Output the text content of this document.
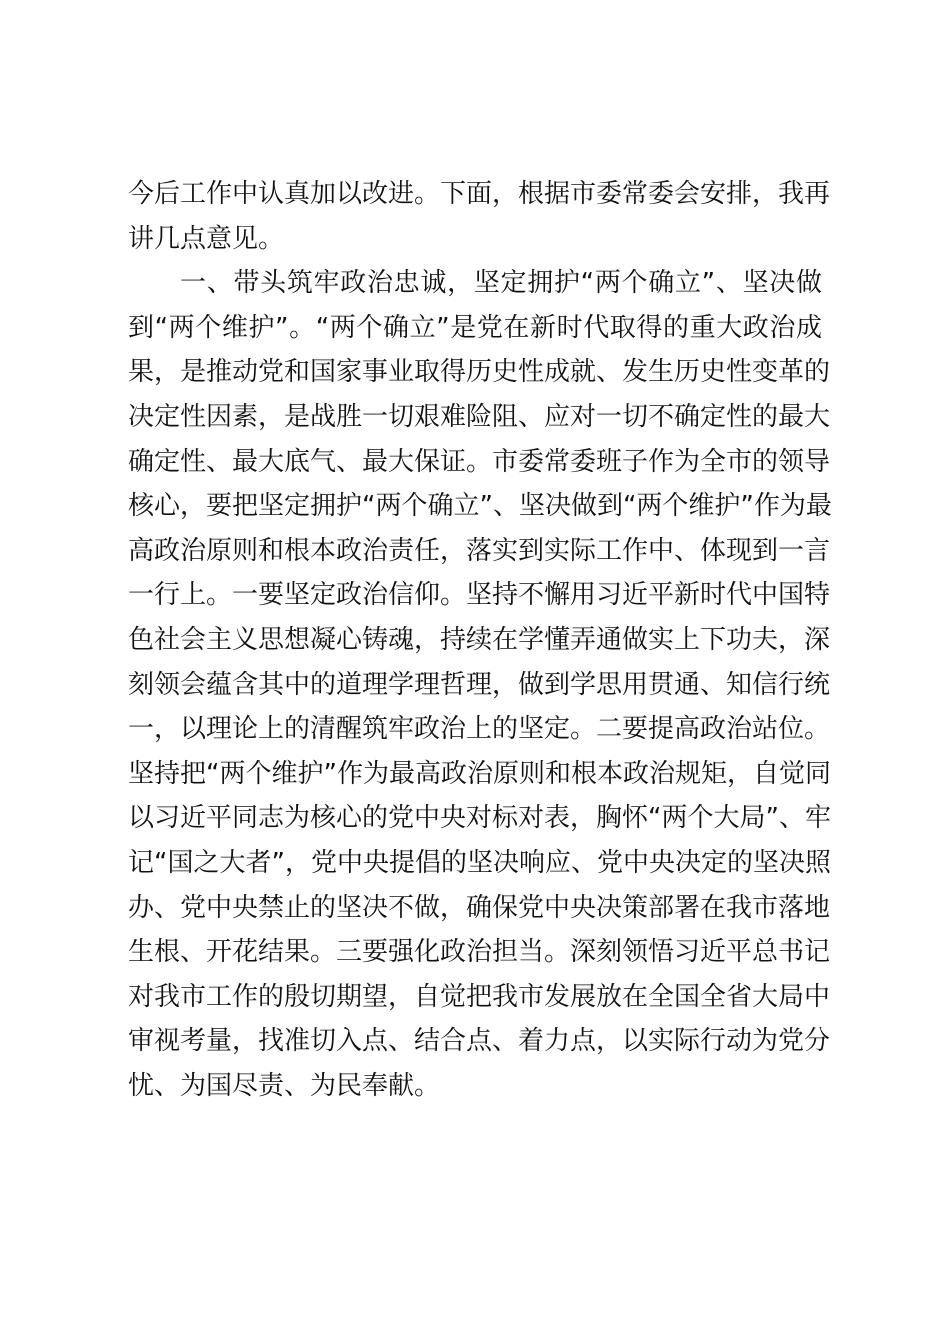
今后工作中认真加以改进。下面，根据市委常委会安排，我再
讲几点意见。
一、带头筑牢政治忠诚，坚定拥护“两个确立”、坚决做
到“两个维护”。“两个确立”是党在新时代取得的重大政治成
果，是推动党和国家事业取得历史性成就、发生历史性变革的
决定性因素，是战胜一切艰难险阻、应对一切不确定性的最大
确定性、最大底气、最大保证。市委常委班子作为全市的领导
核心，要把坚定拥护“两个确立”、坚决做到“两个维护”作为最
高政治原则和根本政治责任，落实到实际工作中、体现到一言
一行上。一要坚定政治信仰。坚持不懈用习近平新时代中国特
色社会主义思想凝心铸魂，持续在学懂弄通做实上下功夫，深
刻领会蕴含其中的道理学理哲理，做到学思用贯通、知信行统
一，以理论上的清醒筑牢政治上的坚定。二要提高政治站位。
坚持把“两个维护”作为最高政治原则和根本政治规矩，自觉同
以习近平同志为核心的党中央对标对表，胸怀“两个大局”、牢
记“国之大者”，党中央提倡的坚决响应、党中央决定的坚决照
办、党中央禁止的坚决不做，确保党中央决策部署在我市落地
生根、开花结果。三要强化政治担当。深刻领悟习近平总书记
对我市工作的殷切期望，自觉把我市发展放在全国全省大局中
审视考量，找准切入点、结合点、着力点，以实际行动为党分
忧、为国尽责、为民奉献。
